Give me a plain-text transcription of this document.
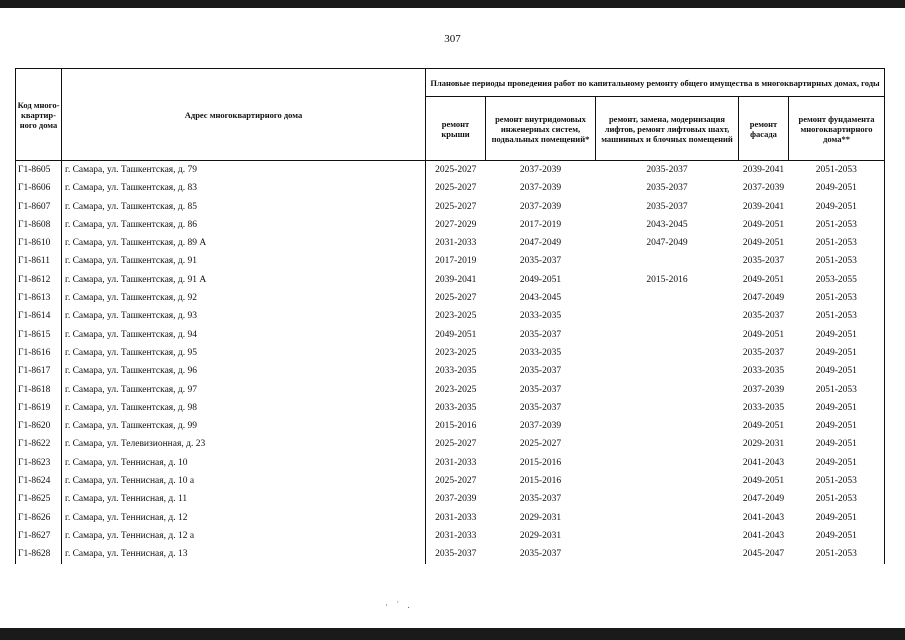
307
Код много-квартир-ного дома	Адрес многоквартирного дома	Плановые периоды проведения работ по капитальному ремонту общего имущества в многоквартирных домах, годы				
		ремонт крыши	ремонт внутридомовых инженерных систем, подвальных помещений*	ремонт, замена, модернизация лифтов, ремонт лифтовых шахт, машинных и блочных помещений	ремонт фасада	ремонт фундамента многоквартирного дома**
Г1-8605	г. Самара, ул. Ташкентская, д. 79	2025-2027	2037-2039	2035-2037	2039-2041	2051-2053
Г1-8606	г. Самара, ул. Ташкентская, д. 83	2025-2027	2037-2039	2035-2037	2037-2039	2049-2051
Г1-8607	г. Самара, ул. Ташкентская, д. 85	2025-2027	2037-2039	2035-2037	2039-2041	2049-2051
Г1-8608	г. Самара, ул. Ташкентская, д. 86	2027-2029	2017-2019	2043-2045	2049-2051	2051-2053
Г1-8610	г. Самара, ул. Ташкентская, д. 89 А	2031-2033	2047-2049	2047-2049	2049-2051	2051-2053
Г1-8611	г. Самара, ул. Ташкентская, д. 91	2017-2019	2035-2037		2035-2037	2051-2053
Г1-8612	г. Самара, ул. Ташкентская, д. 91 А	2039-2041	2049-2051	2015-2016	2049-2051	2053-2055
Г1-8613	г. Самара, ул. Ташкентская, д. 92	2025-2027	2043-2045		2047-2049	2051-2053
Г1-8614	г. Самара, ул. Ташкентская, д. 93	2023-2025	2033-2035		2035-2037	2051-2053
Г1-8615	г. Самара, ул. Ташкентская, д. 94	2049-2051	2035-2037		2049-2051	2049-2051
Г1-8616	г. Самара, ул. Ташкентская, д. 95	2023-2025	2033-2035		2035-2037	2049-2051
Г1-8617	г. Самара, ул. Ташкентская, д. 96	2033-2035	2035-2037		2033-2035	2049-2051
Г1-8618	г. Самара, ул. Ташкентская, д. 97	2023-2025	2035-2037		2037-2039	2051-2053
Г1-8619	г. Самара, ул. Ташкентская, д. 98	2033-2035	2035-2037		2033-2035	2049-2051
Г1-8620	г. Самара, ул. Ташкентская, д. 99	2015-2016	2037-2039		2049-2051	2049-2051
Г1-8622	г. Самара, ул. Телевизионная, д. 23	2025-2027	2025-2027		2029-2031	2049-2051
Г1-8623	г. Самара, ул. Теннисная, д. 10	2031-2033	2015-2016		2041-2043	2049-2051
Г1-8624	г. Самара, ул. Теннисная, д. 10 а	2025-2027	2015-2016		2049-2051	2051-2053
Г1-8625	г. Самара, ул. Теннисная, д. 11	2037-2039	2035-2037		2047-2049	2051-2053
Г1-8626	г. Самара, ул. Теннисная, д. 12	2031-2033	2029-2031		2041-2043	2049-2051
Г1-8627	г. Самара, ул. Теннисная, д. 12 а	2031-2033	2029-2031		2041-2043	2049-2051
Г1-8628	г. Самара, ул. Теннисная, д. 13	2035-2037	2035-2037		2045-2047	2051-2053
· ˙ .
